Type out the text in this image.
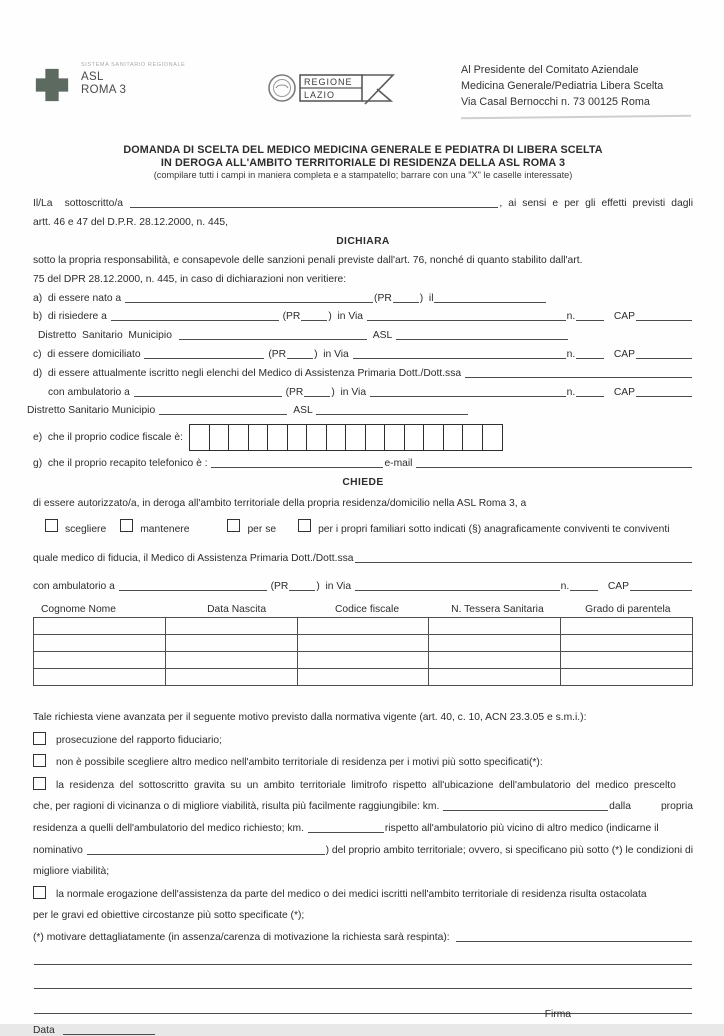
SISTEMA SANITARIO REGIONALE
ASL
ROMA 3
REGIONE
LAZIO
Al Presidente del Comitato Aziendale
Medicina Generale/Pediatria Libera Scelta
Via Casal Bernocchi n. 73 00125 Roma
DOMANDA DI SCELTA DEL MEDICO MEDICINA GENERALE E PEDIATRA DI LIBERA SCELTA
IN DEROGA ALL'AMBITO TERRITORIALE DI RESIDENZA DELLA ASL ROMA 3
(compilare tutti i campi in maniera completa e a stampatello; barrare con una "X" le caselle interessate)
Il/La  sottoscritto/a	, ai sensi e per gli effetti previsti dagli
artt. 46 e 47 del D.P.R. 28.12.2000, n. 445,
DICHIARA
sotto la propria responsabilità, e consapevole delle sanzioni penali previste dall'art. 76, nonché di quanto stabilito dall'art.
75 del DPR 28.12.2000, n. 445, in caso di dichiarazioni non veritiere:
a)  di essere nato a	(PR	)  il
b)  di risiedere a	(PR	)  in Via	n.	CAP
Distretto  Sanitario  Municipio	ASL
c)  di essere domiciliato	(PR	)  in Via	n.	CAP
d)  di essere attualmente iscritto negli elenchi del Medico di Assistenza Primaria Dott./Dott.ssa
con ambulatorio a	(PR	)  in Via	n.	CAP
Distretto Sanitario Municipio	ASL
e)  che il proprio codice fiscale è:
g)  che il proprio recapito telefonico è :	e-mail
CHIEDE
di essere autorizzato/a, in deroga all'ambito territoriale della propria residenza/domicilio nella ASL Roma 3, a
scegliere	mantenere	per se	per i propri familiari sotto indicati (§) anagraficamente conviventi te conviventi
quale medico di fiducia, il Medico di Assistenza Primaria Dott./Dott.ssa
con ambulatorio a	(PR	)  in Via	n.	CAP
Cognome Nome	Data Nascita	Codice fiscale	N. Tessera Sanitaria	Grado di parentela
Tale richiesta viene avanzata per il seguente motivo previsto dalla normativa vigente (art. 40, c. 10, ACN 23.3.05 e s.m.i.):
prosecuzione del rapporto fiduciario;
non è possibile scegliere altro medico nell'ambito territoriale di residenza per i motivi più sotto specificati(*):
la residenza del sottoscritto gravita su un ambito territoriale limitrofo rispetto all'ubicazione dell'ambulatorio del medico prescelto
che, per ragioni di vicinanza o di migliore viabilità, risulta più facilmente raggiungibile: km.	dalla	propria
residenza a quelli dell'ambulatorio del medico richiesto; km.	rispetto all'ambulatorio più vicino di altro medico (indicarne il
nominativo	) del proprio ambito territoriale; ovvero, si specificano più sotto (*) le condizioni di
migliore viabilità;
la normale erogazione dell'assistenza da parte del medico o dei medici iscritti nell'ambito territoriale di residenza risulta ostacolata
per le gravi ed obiettive circostanze più sotto specificate (*);
(*) motivare dettagliatamente (in assenza/carenza di motivazione la richiesta sarà respinta):
Data
Firma
